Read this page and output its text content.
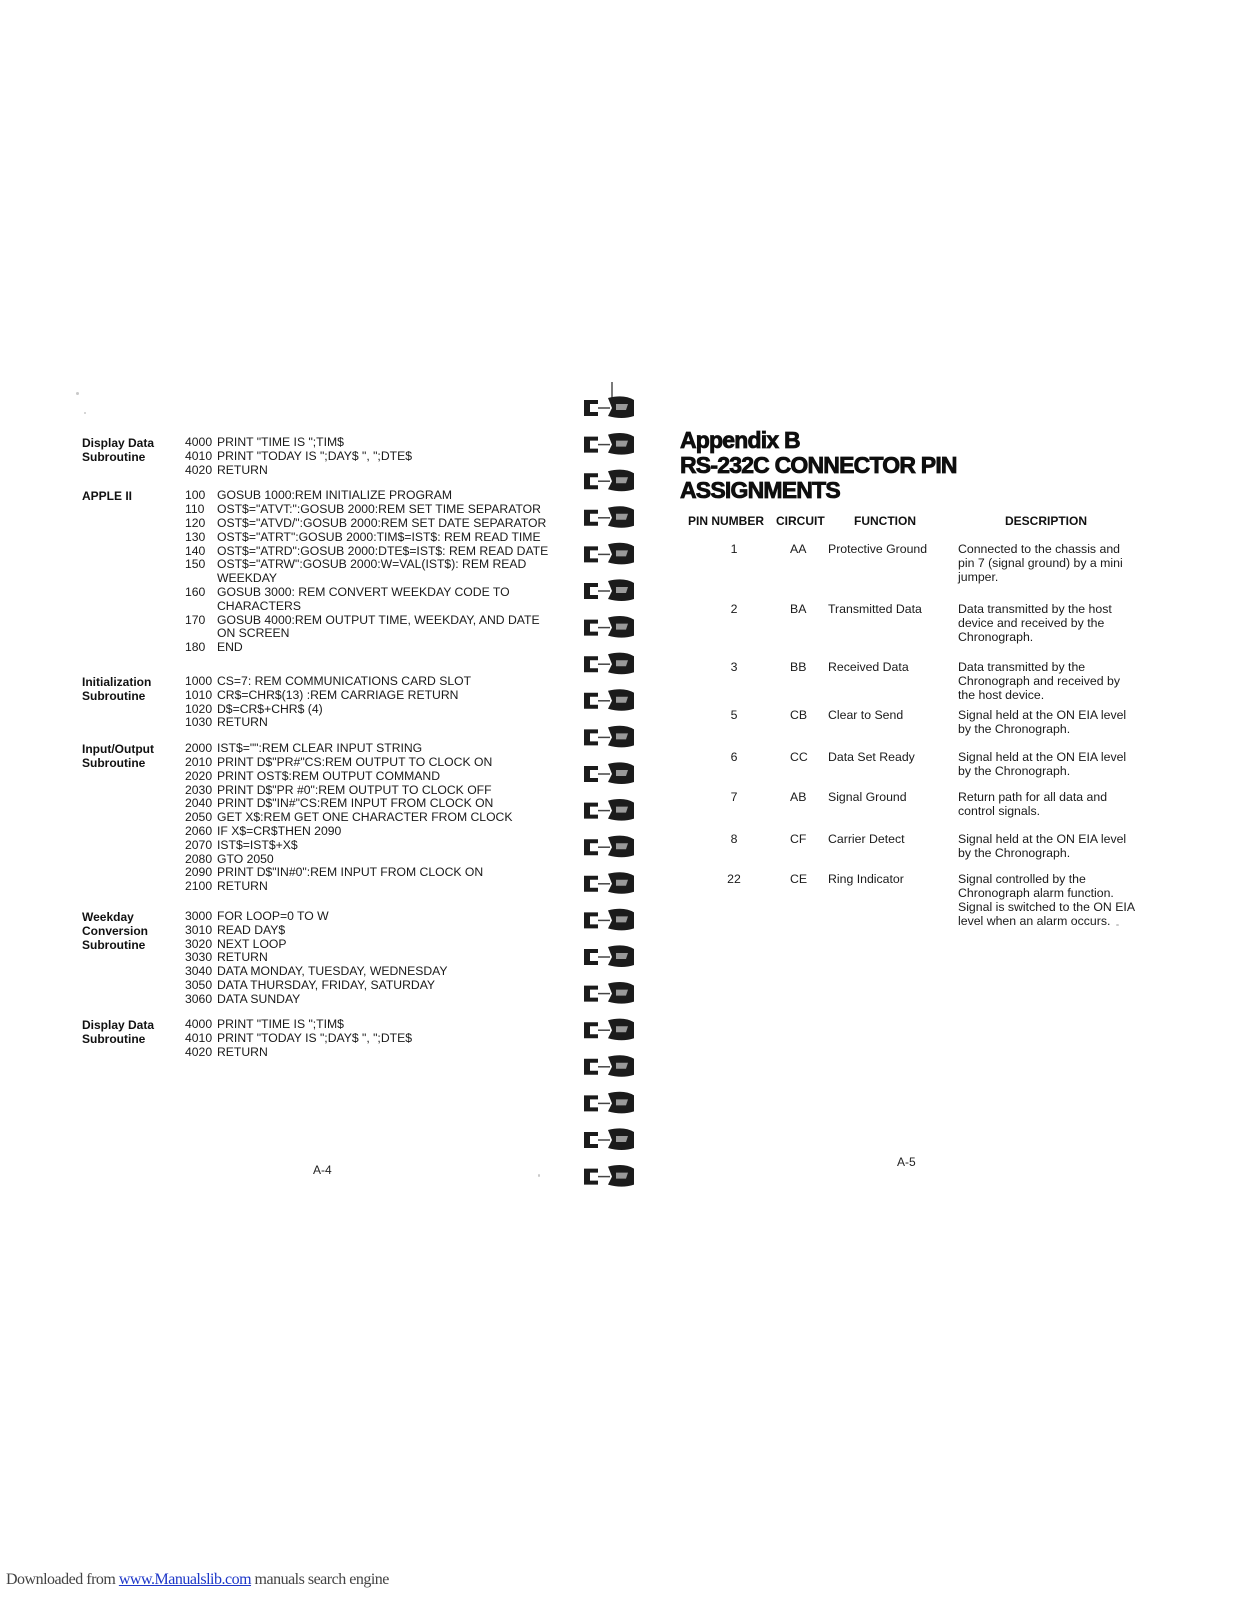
Display Data
Subroutine
4000 PRINT "TIME IS ";TIM$
4010 PRINT "TODAY IS ";DAY$ ", ";DTE$
4020 RETURN
APPLE II	100 GOSUB 1000:REM INITIALIZE PROGRAM
110 OST$="ATVT:":GOSUB 2000:REM SET TIME SEPARATOR
120 OST$="ATVD/":GOSUB 2000:REM SET DATE SEPARATOR
130 OST$="ATRT":GOSUB 2000:TIM$=IST$: REM READ TIME
140 OST$="ATRD":GOSUB 2000:DTE$=IST$: REM READ DATE
150 OST$="ATRW":GOSUB 2000:W=VAL(IST$): REM READ
WEEKDAY
160 GOSUB 3000: REM CONVERT WEEKDAY CODE TO
CHARACTERS
170 GOSUB 4000:REM OUTPUT TIME, WEEKDAY, AND DATE
ON SCREEN
180 END
Initialization
Subroutine
1000 CS=7: REM COMMUNICATIONS CARD SLOT
1010 CR$=CHR$(13) :REM CARRIAGE RETURN
1020 D$=CR$+CHR$ (4)
1030 RETURN
Input/Output
Subroutine
2000 IST$="":REM CLEAR INPUT STRING
2010 PRINT D$"PR#"CS:REM OUTPUT TO CLOCK ON
2020 PRINT OST$:REM OUTPUT COMMAND
2030 PRINT D$"PR #0":REM OUTPUT TO CLOCK OFF
2040 PRINT D$"IN#"CS:REM INPUT FROM CLOCK ON
2050 GET X$:REM GET ONE CHARACTER FROM CLOCK
2060 IF X$=CR$THEN 2090
2070 IST$=IST$+X$
2080 GTO 2050
2090 PRINT D$"IN#0":REM INPUT FROM CLOCK ON
2100 RETURN
Weekday
Conversion
Subroutine
3000 FOR LOOP=0 TO W
3010 READ DAY$
3020 NEXT LOOP
3030 RETURN
3040 DATA MONDAY, TUESDAY, WEDNESDAY
3050 DATA THURSDAY, FRIDAY, SATURDAY
3060 DATA SUNDAY
Display Data
Subroutine
4000 PRINT "TIME IS ";TIM$
4010 PRINT "TODAY IS ";DAY$ ", ";DTE$
4020 RETURN
A-4
Appendix B
RS-232C CONNECTOR PIN
ASSIGNMENTS
PIN NUMBER CIRCUIT FUNCTION	DESCRIPTION
1	AA Protective Ground	Connected to the chassis and pin 7 (signal ground) by a mini jumper.
2	BA Transmitted Data	Data transmitted by the host device and received by the Chronograph.
3	BB Received Data	Data transmitted by the Chronograph and received by the host device.
5	CB Clear to Send	Signal held at the ON EIA level by the Chronograph.
6	CC Data Set Ready	Signal held at the ON EIA level by the Chronograph.
7	AB Signal Ground	Return path for all data and control signals.
8	CF Carrier Detect	Signal held at the ON EIA level by the Chronograph.
22	CE Ring Indicator	Signal controlled by the Chronograph alarm function. Signal is switched to the ON EIA level when an alarm occurs.
A-5
Downloaded from www.Manualslib.com manuals search engine
